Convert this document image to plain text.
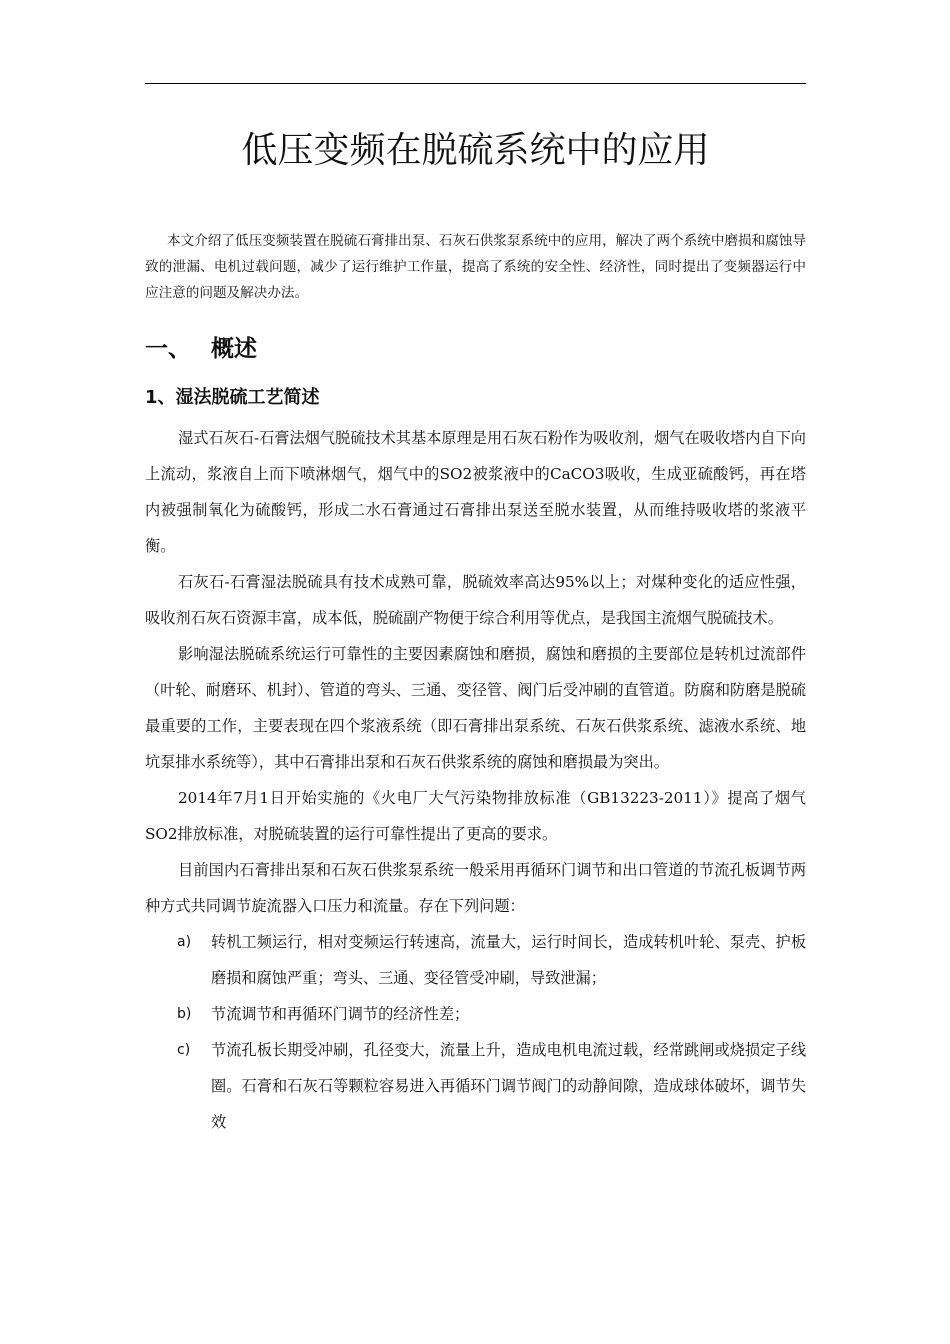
低压变频在脱硫系统中的应用

本文介绍了低压变频装置在脱硫石膏排出泵、石灰石供浆泵系统中的应用，解决了两个系统中磨损和腐蚀导致的泄漏、电机过载问题，减少了运行维护工作量，提高了系统的安全性、经济性，同时提出了变频器运行中应注意的问题及解决办法。

一、 概述
1、湿法脱硫工艺简述

湿式石灰石-石膏法烟气脱硫技术其基本原理是用石灰石粉作为吸收剂，烟气在吸收塔内自下向上流动，浆液自上而下喷淋烟气，烟气中的SO2被浆液中的CaCO3吸收，生成亚硫酸钙，再在塔内被强制氧化为硫酸钙，形成二水石膏通过石膏排出泵送至脱水装置，从而维持吸收塔的浆液平衡。

石灰石-石膏湿法脱硫具有技术成熟可靠，脱硫效率高达95%以上；对煤种变化的适应性强，吸收剂石灰石资源丰富，成本低，脱硫副产物便于综合利用等优点，是我国主流烟气脱硫技术。

影响湿法脱硫系统运行可靠性的主要因素腐蚀和磨损，腐蚀和磨损的主要部位是转机过流部件（叶轮、耐磨环、机封）、管道的弯头、三通、变径管、阀门后受冲刷的直管道。防腐和防磨是脱硫最重要的工作，主要表现在四个浆液系统（即石膏排出泵系统、石灰石供浆系统、滤液水系统、地坑泵排水系统等），其中石膏排出泵和石灰石供浆系统的腐蚀和磨损最为突出。

2014年7月1日开始实施的《火电厂大气污染物排放标准（GB13223-2011）》提高了烟气SO2排放标准，对脱硫装置的运行可靠性提出了更高的要求。

目前国内石膏排出泵和石灰石供浆泵系统一般采用再循环门调节和出口管道的节流孔板调节两种方式共同调节旋流器入口压力和流量。存在下列问题：

a) 转机工频运行，相对变频运行转速高，流量大，运行时间长，造成转机叶轮、泵壳、护板磨损和腐蚀严重；弯头、三通、变径管受冲刷，导致泄漏；
b) 节流调节和再循环门调节的经济性差；
c) 节流孔板长期受冲刷，孔径变大，流量上升，造成电机电流过载，经常跳闸或烧损定子线圈。石膏和石灰石等颗粒容易进入再循环门调节阀门的动静间隙，造成球体破坏，调节失效
